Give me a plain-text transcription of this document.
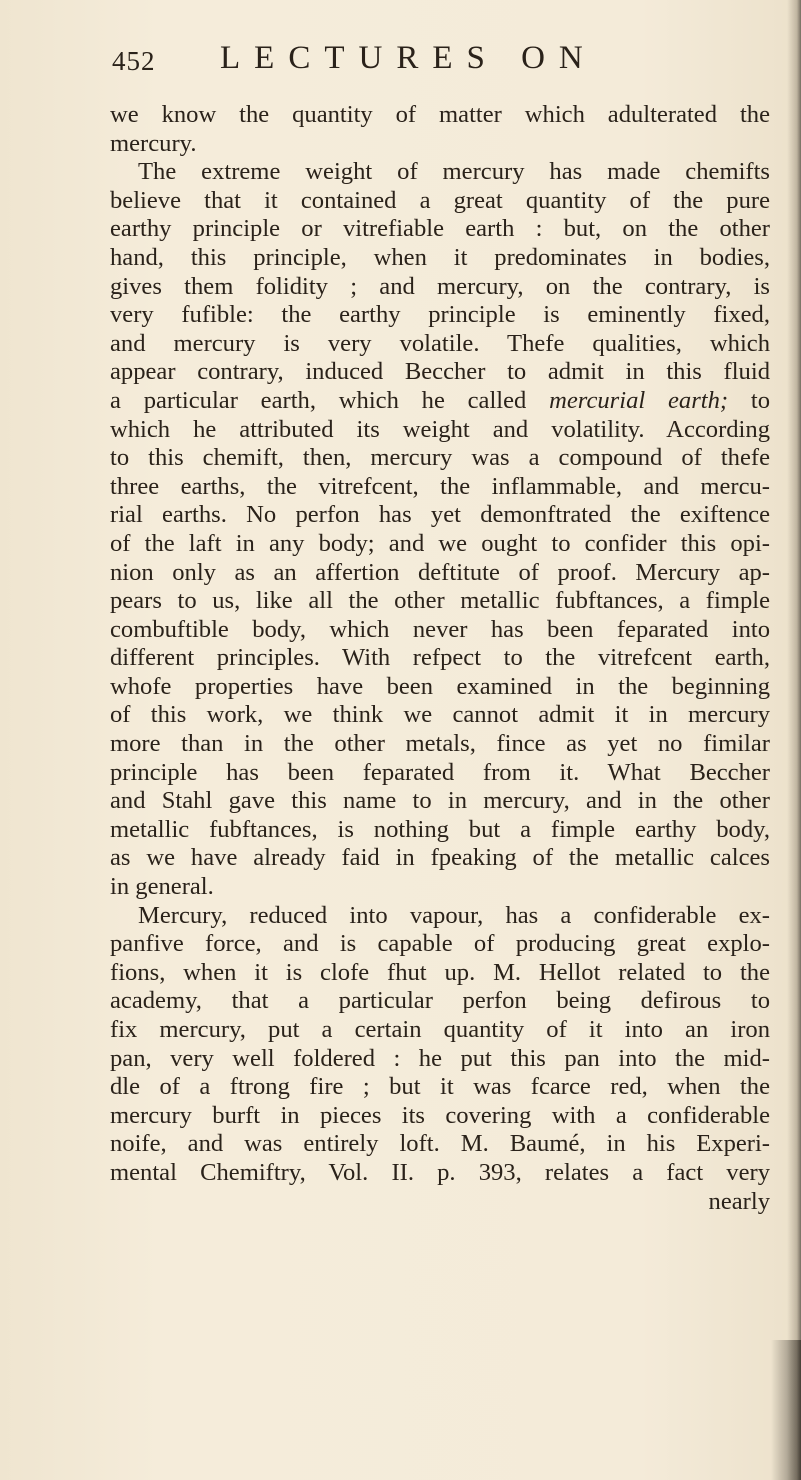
452 LECTURES ON
we know the quantity of matter which adulterated the
mercury.
The extreme weight of mercury has made chemifts
believe that it contained a great quantity of the pure
earthy principle or vitrefiable earth : but, on the other
hand, this principle, when it predominates in bodies,
gives them folidity ; and mercury, on the contrary, is
very fufible: the earthy principle is eminently fixed,
and mercury is very volatile. Thefe qualities, which
appear contrary, induced Beccher to admit in this fluid
a particular earth, which he called mercurial earth; to
which he attributed its weight and volatility. According
to this chemift, then, mercury was a compound of thefe
three earths, the vitrefcent, the inflammable, and mercu-
rial earths. No perfon has yet demonftrated the exiftence
of the laft in any body; and we ought to confider this opi-
nion only as an affertion deftitute of proof. Mercury ap-
pears to us, like all the other metallic fubftances, a fimple
combuftible body, which never has been feparated into
different principles. With refpect to the vitrefcent earth,
whofe properties have been examined in the beginning
of this work, we think we cannot admit it in mercury
more than in the other metals, fince as yet no fimilar
principle has been feparated from it. What Beccher
and Stahl gave this name to in mercury, and in the other
metallic fubftances, is nothing but a fimple earthy body,
as we have already faid in fpeaking of the metallic calces
in general.
Mercury, reduced into vapour, has a confiderable ex-
panfive force, and is capable of producing great explo-
fions, when it is clofe fhut up. M. Hellot related to the
academy, that a particular perfon being defirous to
fix mercury, put a certain quantity of it into an iron
pan, very well foldered : he put this pan into the mid-
dle of a ftrong fire ; but it was fcarce red, when the
mercury burft in pieces its covering with a confiderable
noife, and was entirely loft. M. Baumé, in his Experi-
mental Chemiftry, Vol. II. p. 393, relates a fact very
nearly
